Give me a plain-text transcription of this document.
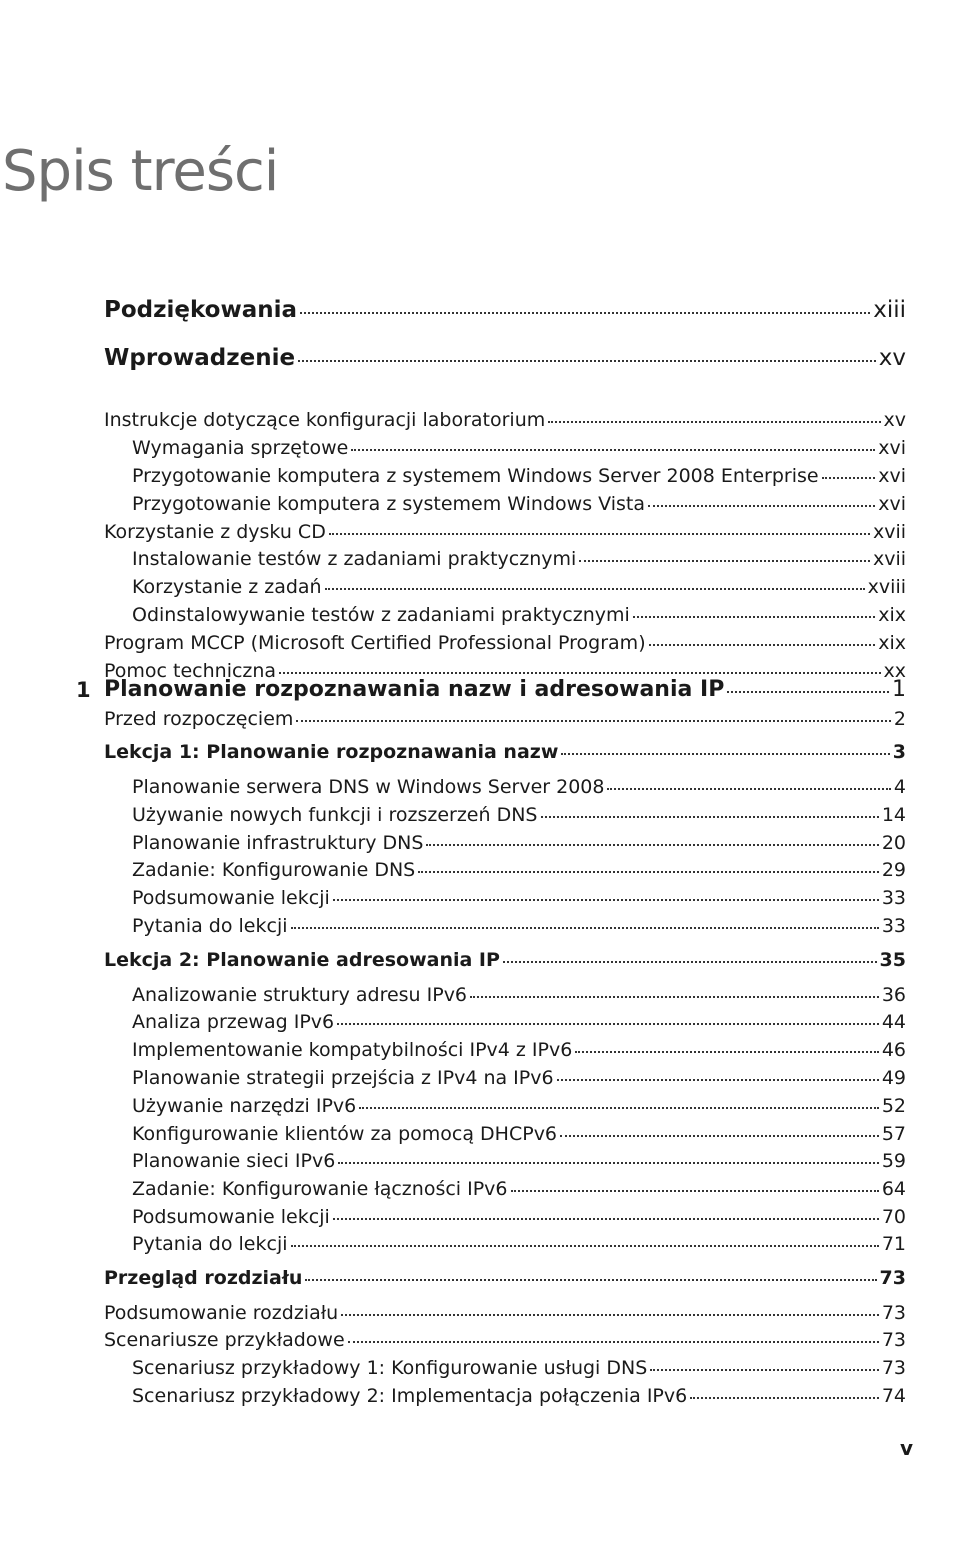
Spis treści
Podziękowania	xiii
Wprowadzenie	xv
Instrukcje dotyczące konfiguracji laboratorium	xv
Wymagania sprzętowe	xvi
Przygotowanie komputera z systemem Windows Server 2008 Enterprise	xvi
Przygotowanie komputera z systemem Windows Vista	xvi
Korzystanie z dysku CD	xvii
Instalowanie testów z zadaniami praktycznymi	xvii
Korzystanie z zadań	xviii
Odinstalowywanie testów z zadaniami praktycznymi	xix
Program MCCP (Microsoft Certified Professional Program)	xix
Pomoc techniczna	xx
Planowanie rozpoznawania nazw i adresowania IP	1
Przed rozpoczęciem	2
Lekcja 1: Planowanie rozpoznawania nazw	3
Planowanie serwera DNS w Windows Server 2008	4
Używanie nowych funkcji i rozszerzeń DNS	14
Planowanie infrastruktury DNS	20
Zadanie: Konfigurowanie DNS	29
Podsumowanie lekcji	33
Pytania do lekcji	33
Lekcja 2: Planowanie adresowania IP	35
Analizowanie struktury adresu IPv6	36
Analiza przewag IPv6	44
Implementowanie kompatybilności IPv4 z IPv6	46
Planowanie strategii przejścia z IPv4 na IPv6	49
Używanie narzędzi IPv6	52
Konfigurowanie klientów za pomocą DHCPv6	57
Planowanie sieci IPv6	59
Zadanie: Konfigurowanie łączności IPv6	64
Podsumowanie lekcji	70
Pytania do lekcji	71
Przegląd rozdziału	73
Podsumowanie rozdziału	73
Scenariusze przykładowe	73
Scenariusz przykładowy 1: Konfigurowanie usługi DNS	73
Scenariusz przykładowy 2: Implementacja połączenia IPv6	74
1
v
